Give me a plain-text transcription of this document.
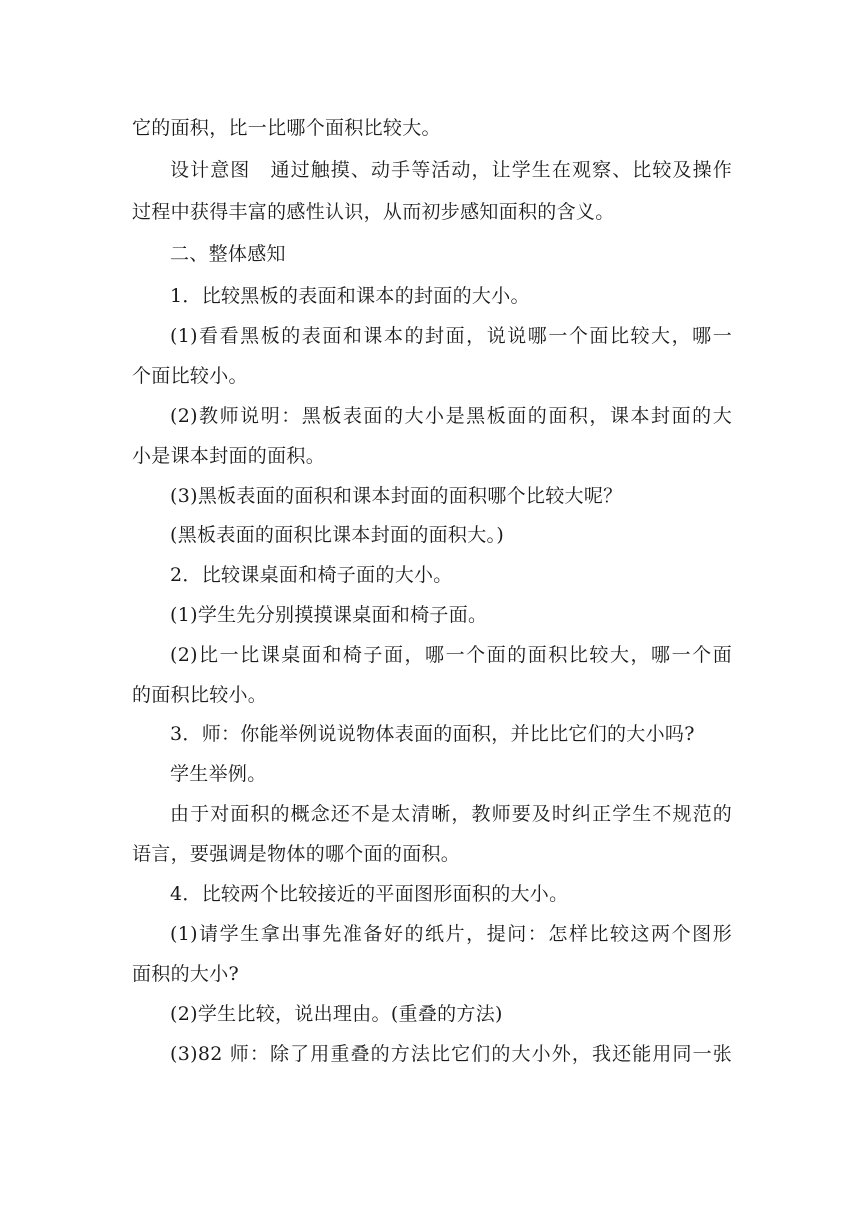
它的面积，比一比哪个面积比较大。
设计意图　通过触摸、动手等活动，让学生在观察、比较及操作
过程中获得丰富的感性认识，从而初步感知面积的含义。
二、整体感知
1．比较黑板的表面和课本的封面的大小。
(1)看看黑板的表面和课本的封面，说说哪一个面比较大，哪一
个面比较小。
(2)教师说明：黑板表面的大小是黑板面的面积，课本封面的大
小是课本封面的面积。
(3)黑板表面的面积和课本封面的面积哪个比较大呢？
(黑板表面的面积比课本封面的面积大。)
2．比较课桌面和椅子面的大小。
(1)学生先分别摸摸课桌面和椅子面。
(2)比一比课桌面和椅子面，哪一个面的面积比较大，哪一个面
的面积比较小。
3．师：你能举例说说物体表面的面积，并比比它们的大小吗?
学生举例。
由于对面积的概念还不是太清晰，教师要及时纠正学生不规范的
语言，要强调是物体的哪个面的面积。
4．比较两个比较接近的平面图形面积的大小。
(1)请学生拿出事先准备好的纸片，提问：怎样比较这两个图形
面积的大小?
(2)学生比较，说出理由。(重叠的方法)
(3)82 师：除了用重叠的方法比它们的大小外，我还能用同一张
